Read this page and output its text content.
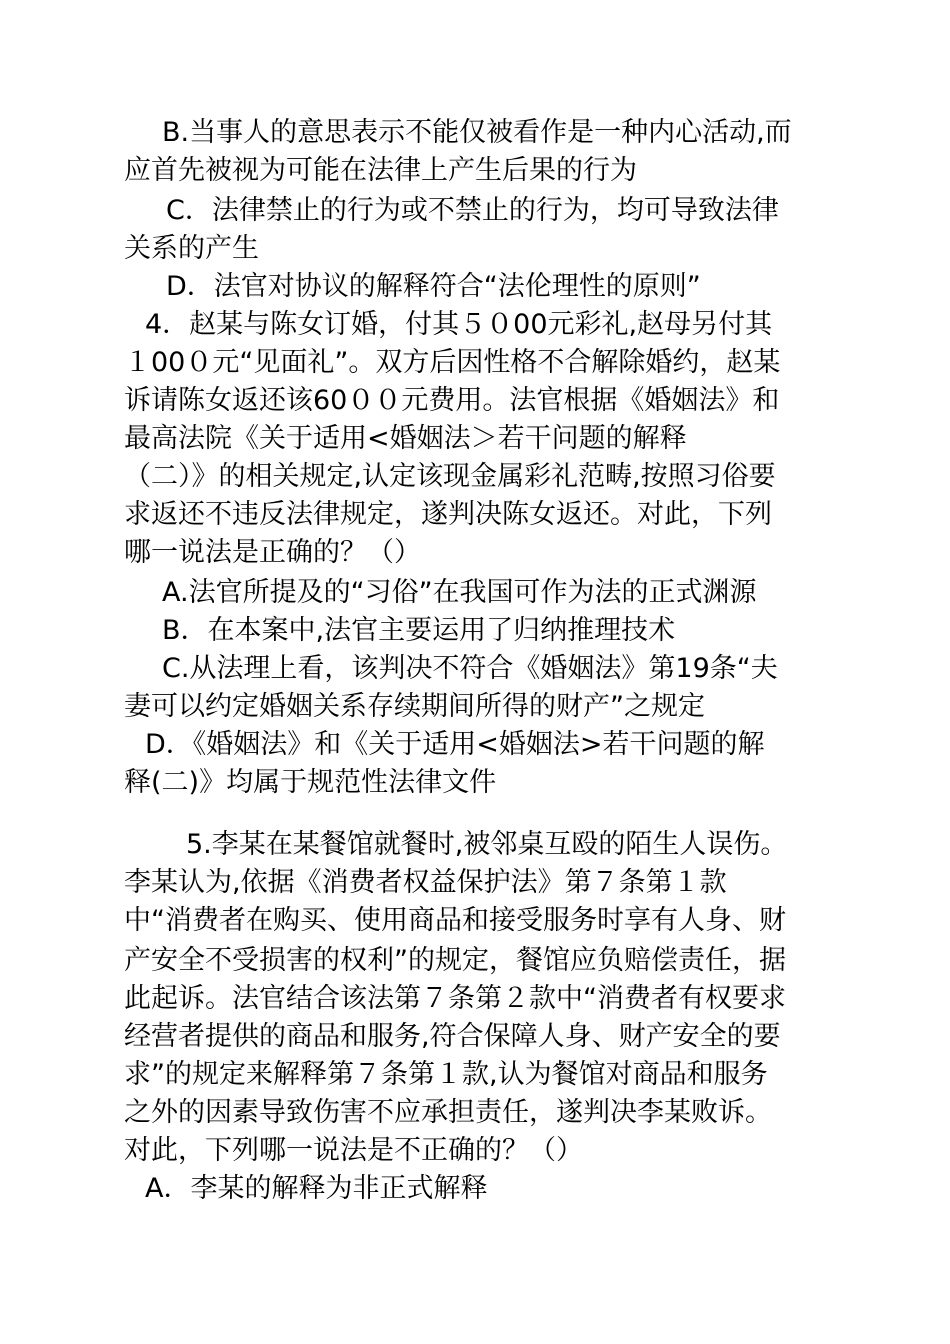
B.当事人的意思表示不能仅被看作是一种内心活动,而
应首先被视为可能在法律上产生后果的行为
C．法律禁止的行为或不禁止的行为，均可导致法律
关系的产生
D．法官对协议的解释符合“法伦理性的原则”
4．赵某与陈女订婚，付其５０00元彩礼,赵母另付其
１00０元“见面礼”。双方后因性格不合解除婚约，赵某
诉请陈女返还该60００元费用。法官根据《婚姻法》和
最高法院《关于适用<婚姻法＞若干问题的解释
（二）》的相关规定,认定该现金属彩礼范畴,按照习俗要
求返还不违反法律规定，遂判决陈女返还。对此，下列
哪一说法是正确的？（）
A.法官所提及的“习俗”在我国可作为法的正式渊源
B．在本案中,法官主要运用了归纳推理技术
C.从法理上看，该判决不符合《婚姻法》第19条“夫
妻可以约定婚姻关系存续期间所得的财产”之规定
D．《婚姻法》和《关于适用<婚姻法>若干问题的解
释(二)》均属于规范性法律文件
5.李某在某餐馆就餐时,被邻桌互殴的陌生人误伤。
李某认为,依据《消费者权益保护法》第７条第１款
中“消费者在购买、使用商品和接受服务时享有人身、财
产安全不受损害的权利”的规定，餐馆应负赔偿责任，据
此起诉。法官结合该法第７条第２款中“消费者有权要求
经营者提供的商品和服务,符合保障人身、财产安全的要
求”的规定来解释第７条第１款,认为餐馆对商品和服务
之外的因素导致伤害不应承担责任，遂判决李某败诉。
对此，下列哪一说法是不正确的？（）
A．李某的解释为非正式解释
